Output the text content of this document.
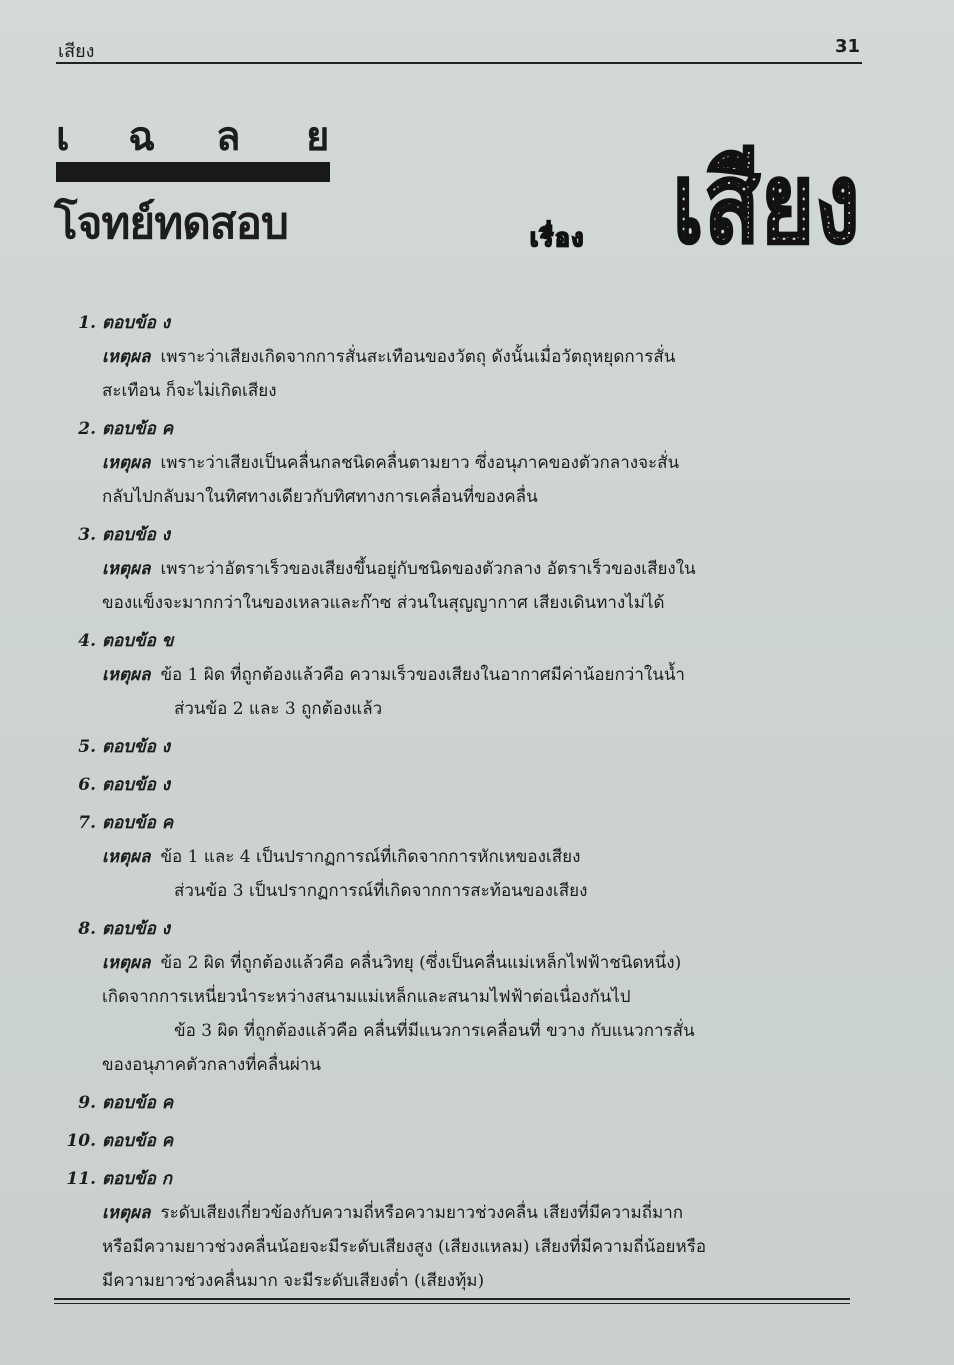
เสียง	31
เ ฉ ล ย
โจทย์ทดสอบ	เรื่อง เสียง
1. ตอบข้อ ง
เหตุผล เพราะว่าเสียงเกิดจากการสั่นสะเทือนของวัตถุ ดังนั้นเมื่อวัตถุหยุดการสั่น
สะเทือน ก็จะไม่เกิดเสียง
2. ตอบข้อ ค
เหตุผล เพราะว่าเสียงเป็นคลื่นกลชนิดคลื่นตามยาว ซึ่งอนุภาคของตัวกลางจะสั่น
กลับไปกลับมาในทิศทางเดียวกับทิศทางการเคลื่อนที่ของคลื่น
3. ตอบข้อ ง
เหตุผล เพราะว่าอัตราเร็วของเสียงขึ้นอยู่กับชนิดของตัวกลาง อัตราเร็วของเสียงใน
ของแข็งจะมากกว่าในของเหลวและก๊าซ ส่วนในสุญญากาศ เสียงเดินทางไม่ได้
4. ตอบข้อ ข
เหตุผล ข้อ 1 ผิด ที่ถูกต้องแล้วคือ ความเร็วของเสียงในอากาศมีค่าน้อยกว่าในน้ำ
ส่วนข้อ 2 และ 3 ถูกต้องแล้ว
5. ตอบข้อ ง
6. ตอบข้อ ง
7. ตอบข้อ ค
เหตุผล ข้อ 1 และ 4 เป็นปรากฏการณ์ที่เกิดจากการหักเหของเสียง
ส่วนข้อ 3 เป็นปรากฏการณ์ที่เกิดจากการสะท้อนของเสียง
8. ตอบข้อ ง
เหตุผล ข้อ 2 ผิด ที่ถูกต้องแล้วคือ คลื่นวิทยุ (ซึ่งเป็นคลื่นแม่เหล็กไฟฟ้าชนิดหนึ่ง)
เกิดจากการเหนี่ยวนำระหว่างสนามแม่เหล็กและสนามไฟฟ้าต่อเนื่องกันไป
ข้อ 3 ผิด ที่ถูกต้องแล้วคือ คลื่นที่มีแนวการเคลื่อนที่ ขวาง กับแนวการสั่น
ของอนุภาคตัวกลางที่คลื่นผ่าน
9. ตอบข้อ ค
10. ตอบข้อ ค
11. ตอบข้อ ก
เหตุผล ระดับเสียงเกี่ยวข้องกับความถี่หรือความยาวช่วงคลื่น เสียงที่มีความถี่มาก
หรือมีความยาวช่วงคลื่นน้อยจะมีระดับเสียงสูง (เสียงแหลม) เสียงที่มีความถี่น้อยหรือ
มีความยาวช่วงคลื่นมาก จะมีระดับเสียงต่ำ (เสียงทุ้ม)
